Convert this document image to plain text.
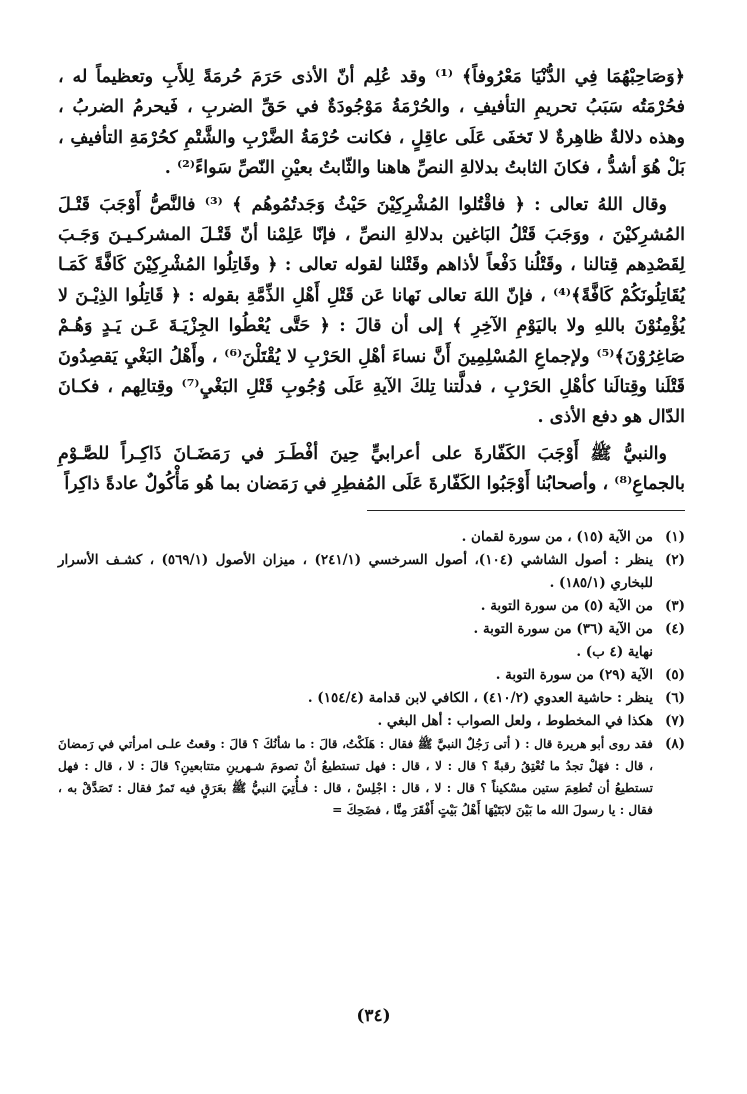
﴿وَصَاحِبْهُمَا فِي الدُّنْيَا مَعْرُوفاً﴾ ⁽¹⁾ وقد عُلِم أنّ الأذى حَرَمَ حُرمَةً لِلأَبِ وتعظيماً له ، فحُرْمَتُه سَبَبُ تحريمِ التأفيفِ ، والحُرْمَةُ مَوْجُودَةٌ في حَقِّ الضربِ ، فَيحرمُ الضربُ ، وهذه دلالةٌ ظاهِرةٌ لا تَخفَى عَلَى عاقِلٍ ، فكانت حُرْمَةُ الضَّرْبِ والشَّتْمِ كحُرْمَةِ التأفيفِ ، بَلْ هُوَ أشدُّ ، فكانَ الثابتُ بدلالةِ النصِّ هاهنا والثّابتُ بعيْنِ النّصِّ سَواءً⁽²⁾ .

وقال اللهُ تعالى : ﴿ فاقْتُلوا المُشْرِكِيْنَ حَيْثُ وَجَدتُمُوهُم ﴾ ⁽³⁾ فالنَّصُّ أَوْجَبَ قَتْـلَ المُشرِكيْنَ ، ووَجَبَ قَتْلُ البَاغين بدلالةِ النصِّ ، فإنّا عَلِمْنا أنّ قَتْـلَ المشركـيـنَ وَجَـبَ لِقَصْدِهم قِتالنا ، وقَتْلُنا دَفْعاً لأذاهم وقَتْلنا لقوله تعالى : ﴿ وقَاتِلُوا المُشْرِكِيْنَ كَافَّةً كَمَـا يُقَاتِلُونَكُمْ كَافَّةً﴾⁽⁴⁾ ، فإنّ اللهَ تعالى نَهانا عَن قَتْلِ أَهْلِ الذِّمَّةِ بقوله : ﴿ قَاتِلُوا الذِيْـنَ لا يُؤْمِنُوْنَ باللهِ ولا باليَوْمِ الآخِرِ ﴾ إلى أن قالَ : ﴿ حَتَّى يُعْطُوا الجِزْيَـةَ عَـن يَـدٍ وَهُـمْ صَاغِرُوْنَ﴾⁽⁵⁾ ولإجماعِ المُسْلِمِينَ أَنَّ نساءَ أهْلِ الحَرْبِ لا يُقْتَلْنَ⁽⁶⁾ ، وأَهْلُ البَغْيِ يَقصِدُونَ قَتْلَنا وقِتالَنا كأهْلِ الحَرْبِ ، فدلَّتنا تِلكَ الآيةِ عَلَى وُجُوبِ قَتْلِ البَغْيِ⁽⁷⁾ وقِتالِهم ، فكـانَ الدّال هو دفع الأذى .

والنبيُّ ﷺ أَوْجَبَ الكَفّارةَ على أعرابيٍّ حِينَ أفْطَـرَ في رَمَضَـانَ ذَاكِـراً للصَّـوْمِ بالجماعِ⁽⁸⁾ ، وأصحابُنا أَوْجَبُوا الكَفّارةَ عَلَى المُفطِرِ في رَمَضان بما هُو مَأْكُولٌ عادةً ذاكِراً

(١)
من الآية (١٥) ، من سورة لقمان .
(٢)
ينظر : أصول الشاشي (١٠٤)، أصول السرخسي (٢٤١/١) ، ميزان الأصول (٥٦٩/١) ، كشـف الأسرار للبخاري (١٨٥/١) .
(٣)
من الآية (٥) من سورة التوبة .
(٤)
من الآية (٣٦) من سورة التوبة .
نهاية (٤ ب) .
(٥)
الآية (٢٩) من سورة التوبة .
(٦)
ينظر : حاشية العدوي (٤١٠/٢) ، الكافي لابن قدامة (١٥٤/٤) .
(٧)
هكذا في المخطوط ، ولعل الصواب : أهل البغي .
(٨)
فقد روى أبو هريرة قال : ( أتى رَجُلٌ النبيَّ ﷺ فقال : هَلَكْتُ، قالَ : ما شأنُكَ ؟ قالَ : وقعتُ علـى امرأتي في رَمضانَ ، قال : فهَلْ تجدُ ما تُعْتِقُ رقبةً ؟ قال : لا ، قال : فهل تستطيعُ أنْ تصومَ شـهرينِ متتابعينِ؟ قالَ : لا ، قال : فهل تستطيعُ أن تُطعِمَ ستين مسْكيناً ؟ قال : لا ، قال : اجْلِسْ ، قال : فـأُتِيَ النبيُّ ﷺ بعَرَقٍ فيه تَمرٌ فقال : تَصَدَّقْ به ، فقال : يا رسولَ الله ما بَيْنَ لابَتَيْهَا أَهْلُ بَيْتٍ أَفْقَرَ مِنَّا ، فضَحِكَ =
(٣٤)
